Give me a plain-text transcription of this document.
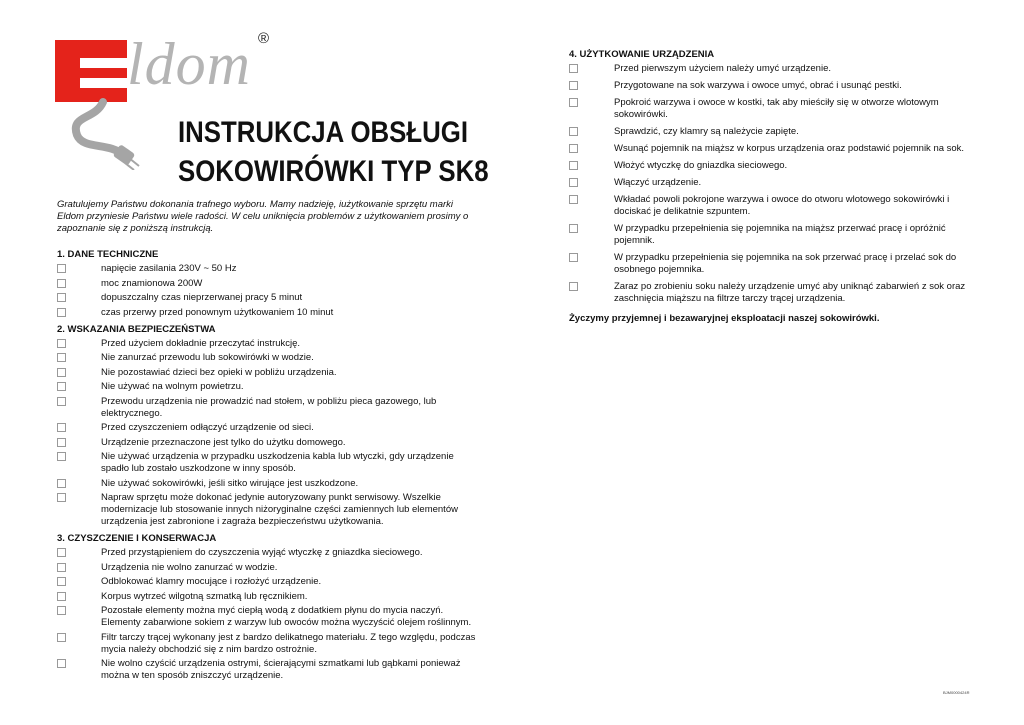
ldom ®
INSTRUKCJA OBSŁUGI
SOKOWIRÓWKI TYP SK8
Gratulujemy Państwu dokonania trafnego wyboru. Mamy nadzieję, iużytkowanie sprzętu marki Eldom przyniesie Państwu wiele radości. W celu uniknięcia problemów z użytkowaniem prosimy o zapoznanie się z poniższą instrukcją.
1. DANE TECHNICZNE
napięcie zasilania 230V ~ 50 Hz
moc znamionowa 200W
dopuszczalny czas nieprzerwanej pracy 5 minut
czas przerwy przed ponownym użytkowaniem 10 minut
2. WSKAZANIA BEZPIECZEŃSTWA
Przed użyciem dokładnie przeczytać instrukcję.
Nie zanurzać przewodu lub sokowirówki w wodzie.
Nie pozostawiać dzieci bez opieki w pobliżu urządzenia.
Nie używać na wolnym powietrzu.
Przewodu urządzenia nie prowadzić nad stołem, w pobliżu pieca gazowego, lub elektrycznego.
Przed czyszczeniem odłączyć urządzenie od sieci.
Urządzenie przeznaczone jest tylko do użytku domowego.
Nie używać urządzenia w przypadku uszkodzenia kabla lub wtyczki, gdy urządzenie spadło lub zostało uszkodzone w inny sposób.
Nie używać sokowirówki, jeśli sitko wirujące jest uszkodzone.
Napraw sprzętu może dokonać jedynie autoryzowany punkt serwisowy. Wszelkie modernizacje lub stosowanie innych niżoryginalne części zamiennych lub elementów urządzenia jest zabronione i zagraża bezpieczeństwu użytkowania.
3. CZYSZCZENIE I KONSERWACJA
Przed przystąpieniem do czyszczenia wyjąć wtyczkę z gniazdka sieciowego.
Urządzenia nie wolno zanurzać w wodzie.
Odblokować klamry mocujące i rozłożyć urządzenie.
Korpus wytrzeć wilgotną szmatką lub ręcznikiem.
Pozostałe elementy można myć ciepłą wodą z dodatkiem płynu do mycia naczyń. Elementy zabarwione sokiem z warzyw lub owoców można wyczyścić olejem roślinnym.
Filtr tarczy trącej wykonany jest z bardzo delikatnego materiału. Z tego względu, podczas mycia należy obchodzić się z nim bardzo ostrożnie.
Nie wolno czyścić urządzenia ostrymi, ścierającymi szmatkami lub gąbkami ponieważ można w ten sposób zniszczyć urządzenie.
4. UŻYTKOWANIE URZĄDZENIA
Przed pierwszym użyciem należy umyć urządzenie.
Przygotowane na sok warzywa i owoce umyć, obrać i usunąć pestki.
Ppokroić warzywa i owoce w kostki, tak aby mieściły się w otworze wlotowym sokowirówki.
Sprawdzić, czy klamry są należycie zapięte.
Wsunąć pojemnik na miąższ w korpus urządzenia oraz podstawić pojemnik na sok.
Włożyć wtyczkę do gniazdka sieciowego.
Włączyć urządzenie.
Wkładać powoli pokrojone warzywa i owoce do otworu wlotowego sokowirówki i dociskać je delikatnie szpuntem.
W przypadku przepełnienia się pojemnika na miąższ przerwać pracę i opróżnić pojemnik.
W przypadku przepełnienia się pojemnika na sok przerwać pracę i przelać sok do osobnego pojemnika.
Zaraz po zrobieniu soku należy urządzenie umyć aby uniknąć zabarwień z sok oraz zaschnięcia miąższu na filtrze tarczy trącej urządzenia.
Życzymy przyjemnej i bezawaryjnej eksploatacji naszej sokowirówki.
BJM0000424R
